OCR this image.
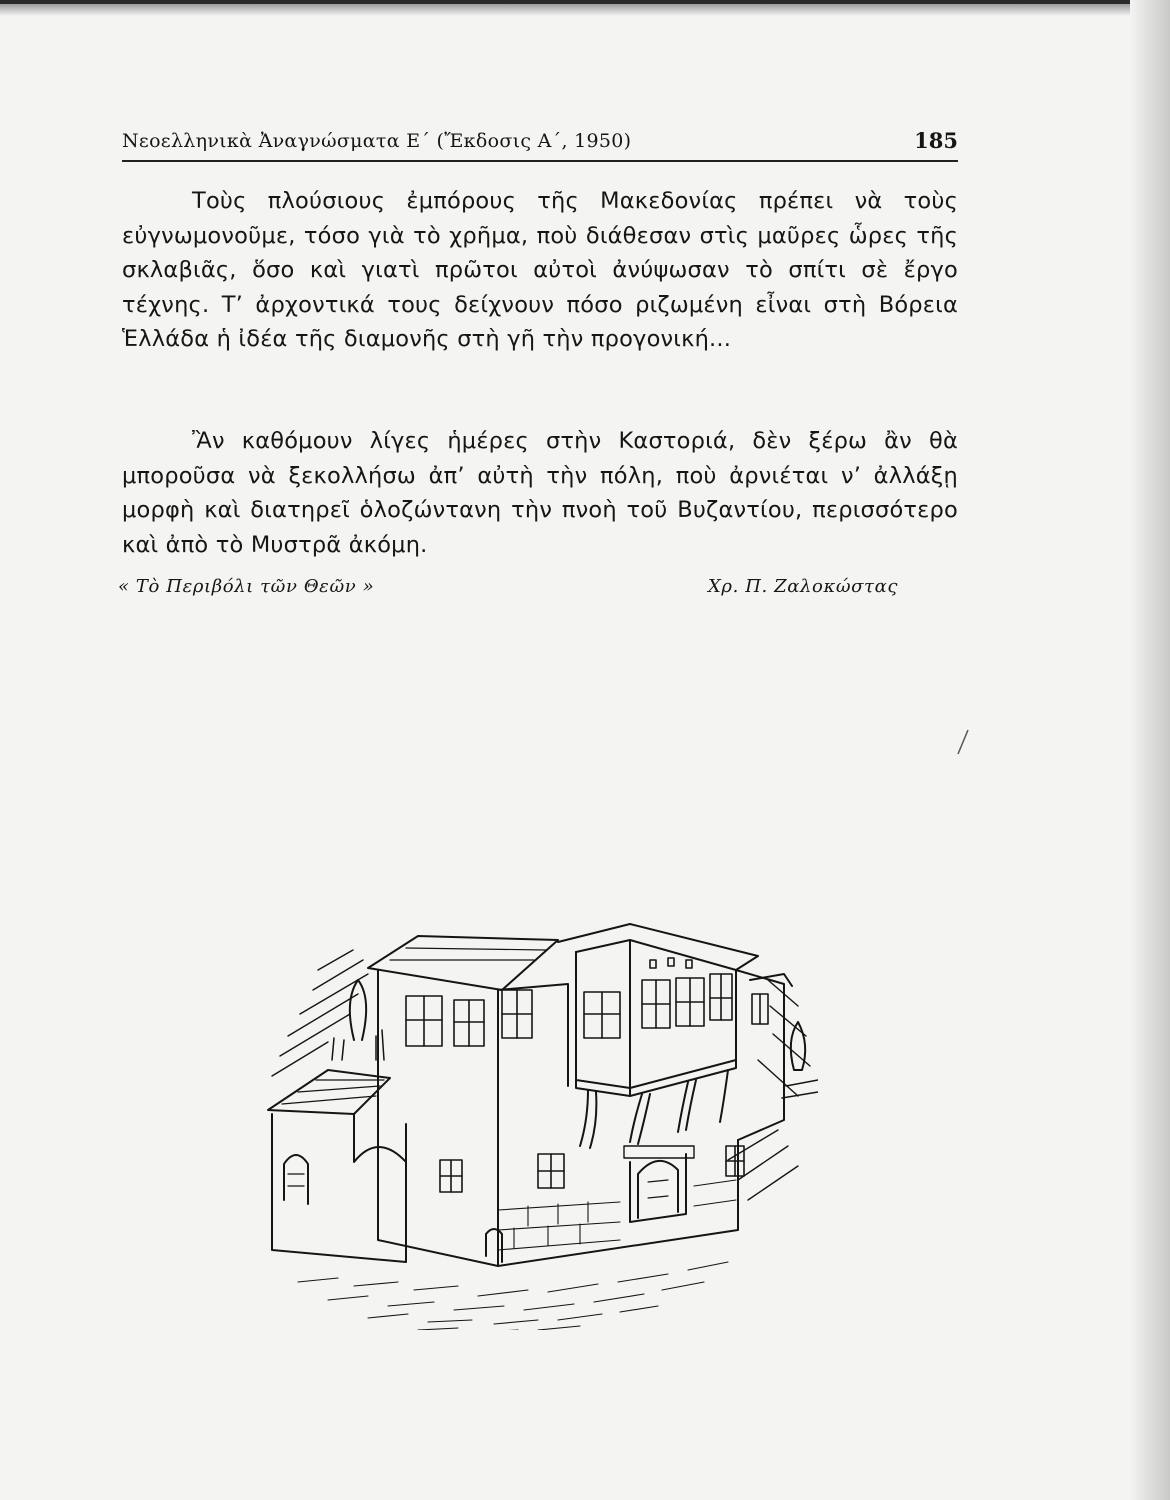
Νεοελληνικὰ Ἀναγνώσματα Ε΄ (Ἔκδοσις Α΄, 1950)	185

Τοὺς πλούσιους ἐμπόρους τῆς Μακεδονίας πρέπει νὰ τοὺς εὐγνωμονοῦμε, τόσο γιὰ τὸ χρῆμα, ποὺ διάθεσαν στὶς μαῦρες ὧρες τῆς σκλαβιᾶς, ὅσο καὶ γιατὶ πρῶτοι αὐτοὶ ἀνύψωσαν τὸ σπίτι σὲ ἔργο τέχνης. Τ’ ἀρχοντικά τους δείχνουν πόσο ριζωμένη εἶναι στὴ Βόρεια Ἑλλάδα ἡ ἰδέα τῆς διαμονῆς στὴ γῆ τὴν προγονική...

Ἂν καθόμουν λίγες ἡμέρες στὴν Καστοριά, δὲν ξέρω ἂν θὰ μποροῦσα νὰ ξεκολλήσω ἀπ’ αὐτὴ τὴν πόλη, ποὺ ἀρνιέται ν’ ἀλλάξῃ μορφὴ καὶ διατηρεῖ ὁλοζώντανη τὴν πνοὴ τοῦ Βυζαντίου, περισσότερο καὶ ἀπὸ τὸ Μυστρᾶ ἀκόμη.

« Τὸ Περιβόλι τῶν Θεῶν »	Χρ. Π. Ζαλοκώστας
